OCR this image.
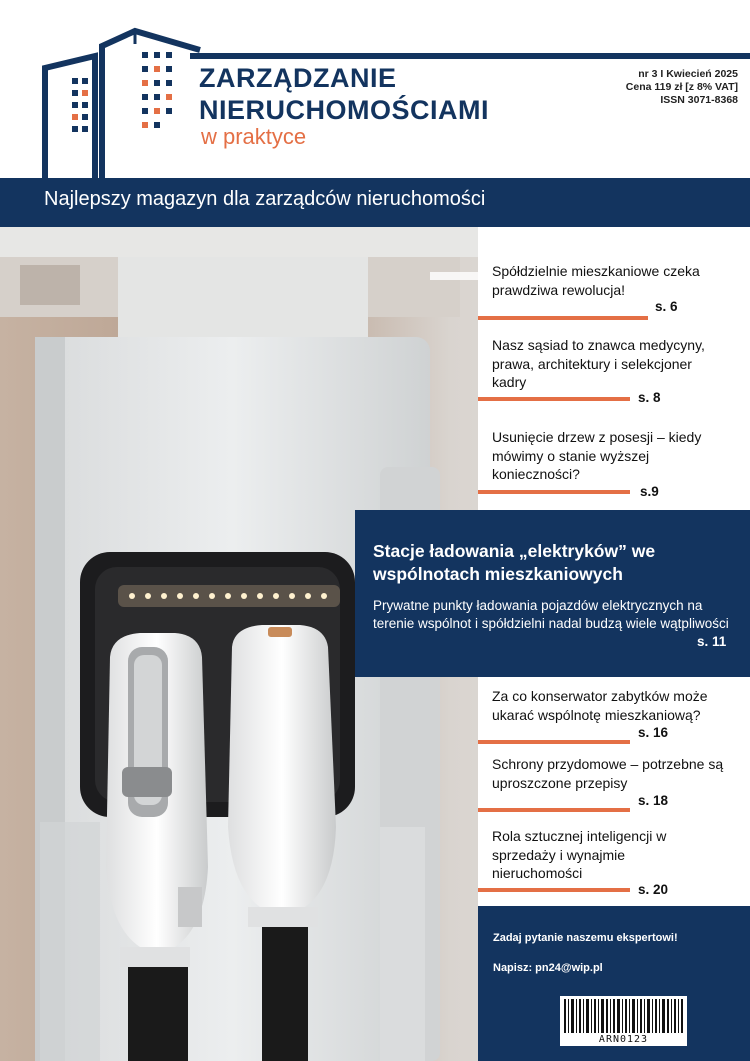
ZARZĄDZANIE
NIERUCHOMOŚCIAMI
w praktyce
nr 3 I Kwiecień 2025
Cena 119 zł [z 8% VAT]
ISSN 3071-8368
Najlepszy magazyn dla zarządców nieruchomości
Spółdzielnie mieszkaniowe czeka prawdziwa rewolucja!
s. 6
Nasz sąsiad to znawca medycyny, prawa, architektury i selekcjoner kadry
s. 8
Usunięcie drzew z posesji – kiedy mówimy o stanie wyższej konieczności?
s.9
Stacje ładowania „elektryków” we wspólnotach mieszkaniowych
Prywatne punkty ładowania pojazdów elektrycznych na terenie wspólnot i spółdzielni nadal budzą wiele wątpliwości
s. 11
Za co konserwator zabytków może ukarać wspólnotę mieszkaniową?
s. 16
Schrony przydomowe – potrzebne są uproszczone przepisy
s. 18
Rola sztucznej inteligencji w sprzedaży i wynajmie nieruchomości
s. 20
Zadaj pytanie naszemu ekspertowi!
Napisz: pn24@wip.pl
ARN0123
